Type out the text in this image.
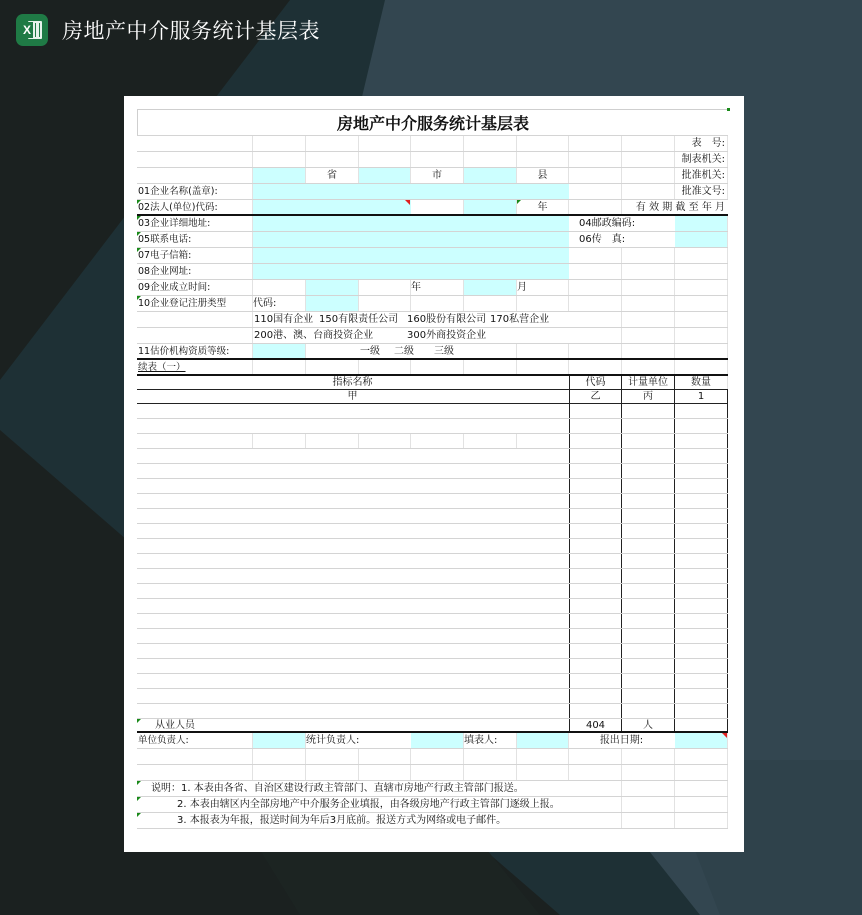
X 房地产中介服务统计基层表
房地产中介服务统计基层表
表　号:
制表机关:
省	市	县	批准机关:
01企业名称(盖章):	批准文号:
02法人(单位)代码:	年	有 效 期 截 至 年 月
03企业详细地址:	04邮政编码:
05联系电话:	06传　真:
07电子信箱:
08企业网址:
09企业成立时间:	年	月
10企业登记注册类型	代码:
110国有企业 150有限责任公司 160股份有限公司 170私营企业
200港、澳、台商投资企业	300外商投资企业
11估价机构资质等级:	一级 二级 三级
续表（一）
指标名称	代码	计量单位	数量
甲	乙	丙	1
从业人员	404	人
单位负责人:	统计负责人:	填表人:	报出日期:
说明：1. 本表由各省、自治区建设行政主管部门、直辖市房地产行政主管部门报送。
2. 本表由辖区内全部房地产中介服务企业填报，由各级房地产行政主管部门逐级上报。
3. 本报表为年报，报送时间为年后3月底前。报送方式为网络或电子邮件。
